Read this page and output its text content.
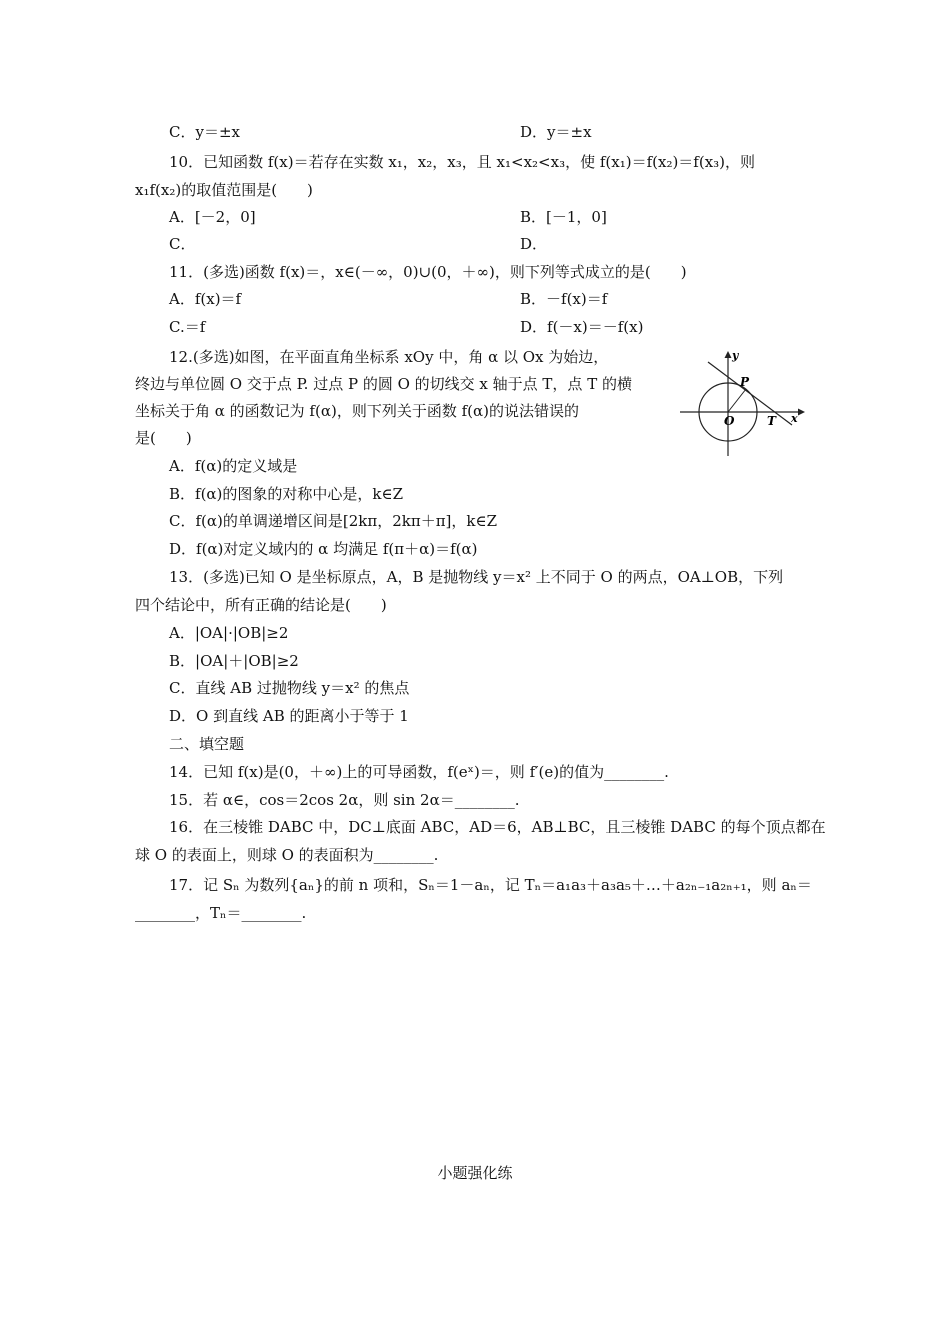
C．y＝±x	D．y＝±x
10．已知函数 f(x)＝若存在实数 x₁，x₂，x₃，且 x₁<x₂<x₃，使 f(x₁)＝f(x₂)＝f(x₃)，则
x₁f(x₂)的取值范围是(　　)
A．[－2，0]	B．[－1，0]
C．	D．
11．(多选)函数 f(x)＝，x∈(－∞，0)∪(0，＋∞)，则下列等式成立的是(　　)
A．f(x)＝f	B．－f(x)＝f
C.＝f	D．f(－x)＝－f(x)
12.(多选)如图，在平面直角坐标系 xOy 中，角 α 以 Ox 为始边，
终边与单位圆 O 交于点 P. 过点 P 的圆 O 的切线交 x 轴于点 T，点 T 的横
坐标关于角 α 的函数记为 f(α)，则下列关于函数 f(α)的说法错误的
是(　　)
y
P
O	T x
A．f(α)的定义域是
B．f(α)的图象的对称中心是，k∈Z
C．f(α)的单调递增区间是[2kπ，2kπ＋π]，k∈Z
D．f(α)对定义域内的 α 均满足 f(π＋α)＝f(α)
13．(多选)已知 O 是坐标原点，A，B 是抛物线 y＝x² 上不同于 O 的两点，OA⊥OB，下列
四个结论中，所有正确的结论是(　　)
A．|OA|·|OB|≥2
B．|OA|＋|OB|≥2
C．直线 AB 过抛物线 y＝x² 的焦点
D．O 到直线 AB 的距离小于等于 1
二、填空题
14．已知 f(x)是(0，＋∞)上的可导函数，f(eˣ)＝，则 f′(e)的值为________.
15．若 α∈，cos＝2cos 2α，则 sin 2α＝________.
16．在三棱锥 DABC 中，DC⊥底面 ABC，AD＝6，AB⊥BC，且三棱锥 DABC 的每个顶点都在
球 O 的表面上，则球 O 的表面积为________.
17．记 Sₙ 为数列{aₙ}的前 n 项和，Sₙ＝1－aₙ，记 Tₙ＝a₁a₃＋a₃a₅＋…＋a₂ₙ₋₁a₂ₙ₊₁，则 aₙ＝
________，Tₙ＝________.
小题强化练
